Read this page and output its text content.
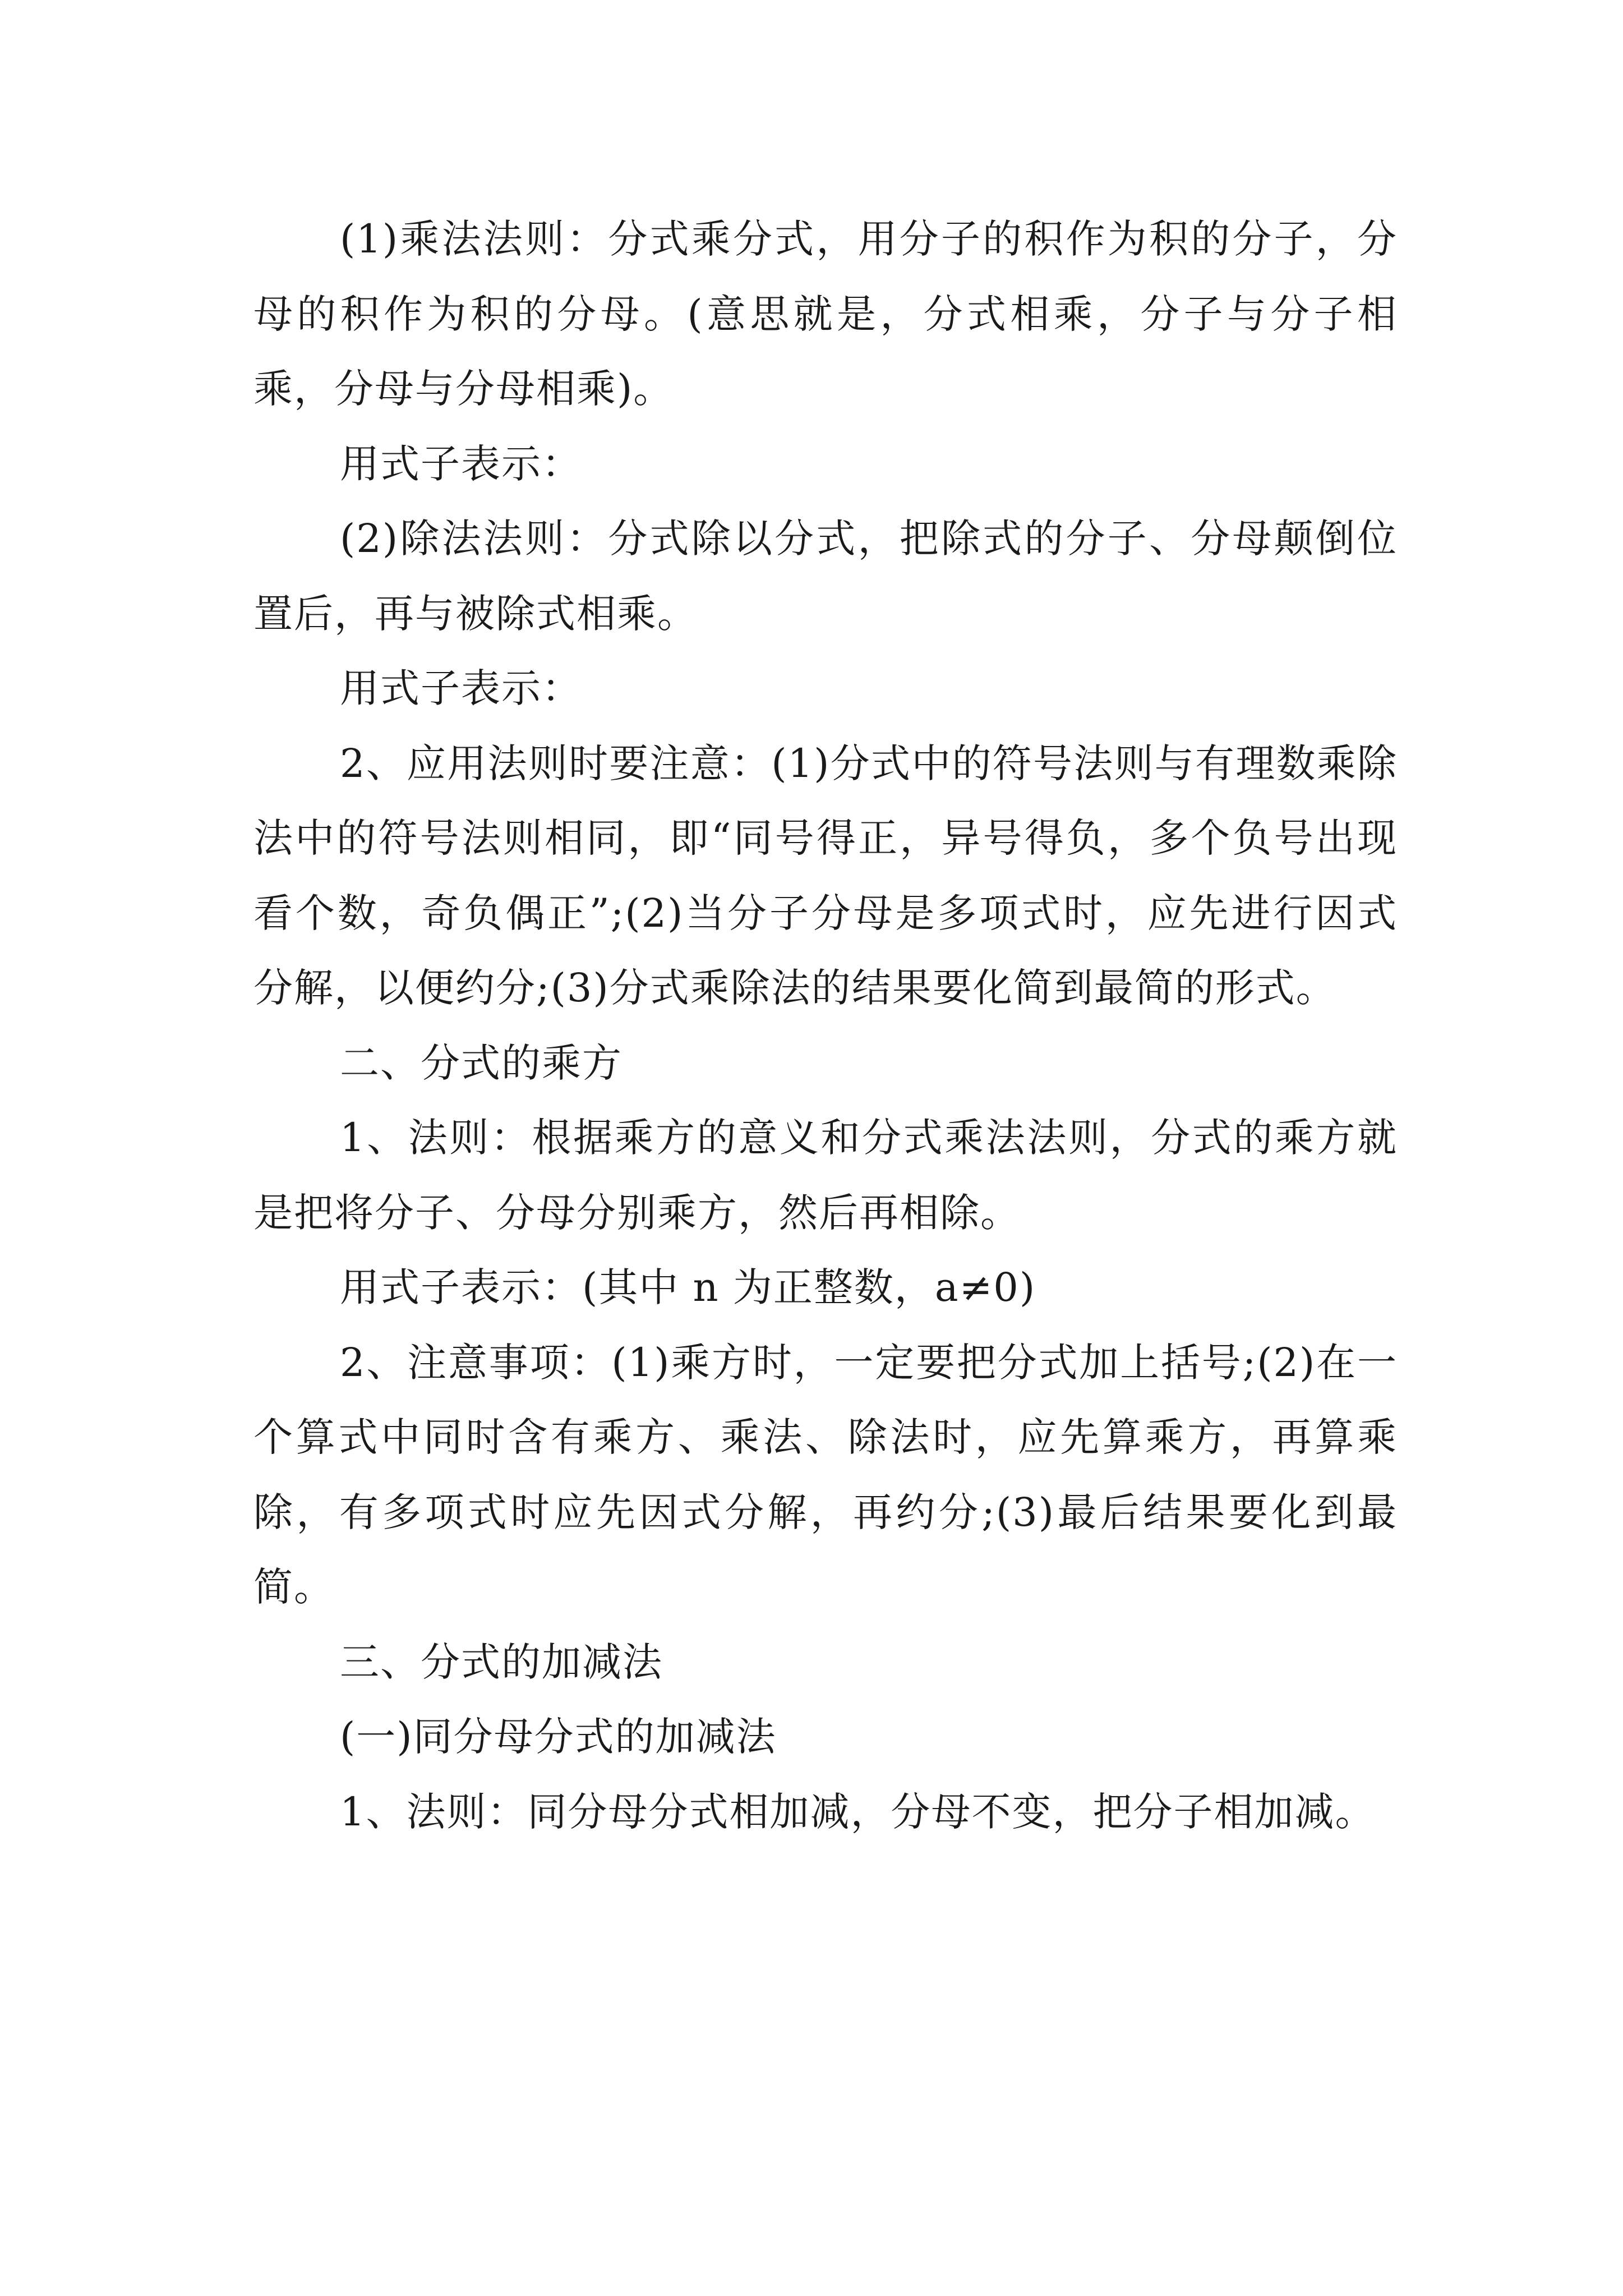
(1)乘法法则：分式乘分式，用分子的积作为积的分子，分母的积作为积的分母。(意思就是，分式相乘，分子与分子相乘，分母与分母相乘)。

用式子表示：

(2)除法法则：分式除以分式，把除式的分子、分母颠倒位置后，再与被除式相乘。

用式子表示：

2、应用法则时要注意：(1)分式中的符号法则与有理数乘除法中的符号法则相同，即“同号得正，异号得负，多个负号出现看个数，奇负偶正”;(2)当分子分母是多项式时，应先进行因式分解，以便约分;(3)分式乘除法的结果要化简到最简的形式。

二、分式的乘方

1、法则：根据乘方的意义和分式乘法法则，分式的乘方就是把将分子、分母分别乘方，然后再相除。

用式子表示：(其中 n 为正整数，a≠0)

2、注意事项：(1)乘方时，一定要把分式加上括号;(2)在一个算式中同时含有乘方、乘法、除法时，应先算乘方，再算乘除，有多项式时应先因式分解，再约分;(3)最后结果要化到最简。

三、分式的加减法

(一)同分母分式的加减法

1、法则：同分母分式相加减，分母不变，把分子相加减。
